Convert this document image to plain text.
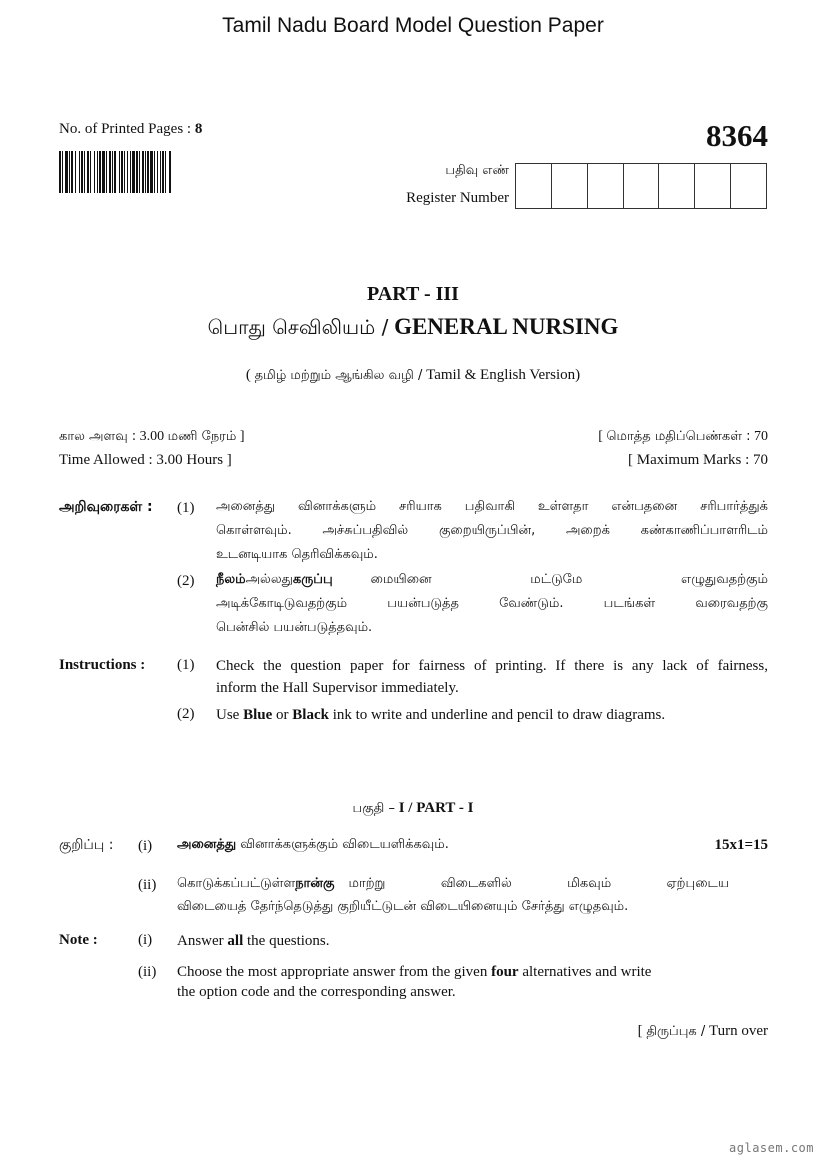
Tamil Nadu Board Model Question Paper
No. of Printed Pages : 8	8364
பதிவு எண்
Register Number
PART - III
பொது செவிலியம் / GENERAL NURSING
( தமிழ் மற்றும் ஆங்கில வழி / Tamil & English Version)
கால அளவு : 3.00 மணி நேரம் ]
Time Allowed : 3.00 Hours ]
[ மொத்த மதிப்பெண்கள் : 70
[ Maximum Marks : 70
அறிவுரைகள் : (1) அனைத்து வினாக்களும் சரியாக பதிவாகி உள்ளதா என்பதனை சரிபார்த்துக்
கொள்ளவும். அச்சுப்பதிவில் குறையிருப்பின், அறைக் கண்காணிப்பாளரிடம்
உடனடியாக தெரிவிக்கவும்.
(2) நீலம் அல்லது கருப்பு	மையினை மட்டுமே எழுதுவதற்கும்
அடிக்கோடிடுவதற்கும் பயன்படுத்த வேண்டும். படங்கள் வரைவதற்கு
பென்சில் பயன்படுத்தவும்.
Instructions : (1) Check the question paper for fairness of printing. If there is any lack of fairness,
inform the Hall Supervisor immediately.
(2) Use Blue or Black ink to write and underline and pencil to draw diagrams.
பகுதி – I / PART - I
குறிப்பு : (i) அனைத்து வினாக்களுக்கும் விடையளிக்கவும்.	15x1=15
(ii) கொடுக்கப்பட்டுள்ள நான்கு மாற்று விடைகளில் மிகவும் ஏற்புடைய
விடையைத் தேர்ந்தெடுத்து குறியீட்டுடன் விடையினையும் சேர்த்து எழுதவும்.
Note :	(i) Answer all the questions.
(ii) Choose the most appropriate answer from the given four alternatives and write
the option code and the corresponding answer.
[ திருப்புக / Turn over
aglasem.com
